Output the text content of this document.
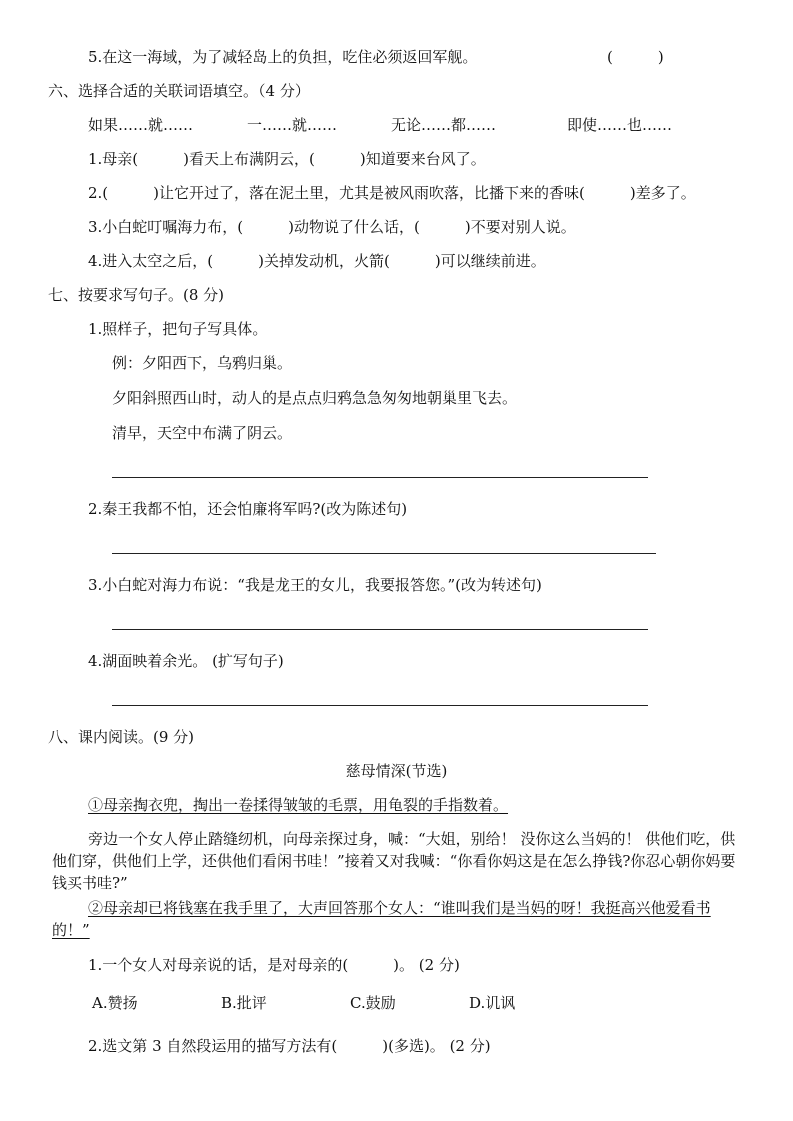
5.在这一海域，为了减轻岛上的负担，吃住必须返回军舰。	(　　　)
六、选择合适的关联词语填空。（4 分）
如果……就……	一……就……	无论……都……	即使……也……
1.母亲(　　　)看天上布满阴云，(　　　)知道要来台风了。
2.(　　　)让它开过了，落在泥土里，尤其是被风雨吹落，比播下来的香味(　　　)差多了。
3.小白蛇叮嘱海力布，(　　　)动物说了什么话，(　　　)不要对别人说。
4.进入太空之后，(　　　)关掉发动机，火箭(　　　)可以继续前进。
七、按要求写句子。(8 分)
1.照样子，把句子写具体。
例：夕阳西下，乌鸦归巢。
夕阳斜照西山时，动人的是点点归鸦急急匆匆地朝巢里飞去。
清早，天空中布满了阴云。
2.秦王我都不怕，还会怕廉将军吗?(改为陈述句)
3.小白蛇对海力布说：“我是龙王的女儿，我要报答您。”(改为转述句)
4.湖面映着余光。 (扩写句子)
八、课内阅读。(9 分)
慈母情深(节选)
①母亲掏衣兜，掏出一卷揉得皱皱的毛票，用龟裂的手指数着。
旁边一个女人停止踏缝纫机，向母亲探过身，喊：“大姐，别给！ 没你这么当妈的！ 供他们吃，供他们穿，供他们上学，还供他们看闲书哇！”接着又对我喊：“你看你妈这是在怎么挣钱?你忍心朝你妈要钱买书哇?”
②母亲却已将钱塞在我手里了，大声回答那个女人：“谁叫我们是当妈的呀！我挺高兴他爱看书的！”
1.一个女人对母亲说的话，是对母亲的(　　　)。 (2 分)
A.赞扬	B.批评	C.鼓励	D.讥讽
2.选文第 3 自然段运用的描写方法有(　　　)(多选)。 (2 分)
